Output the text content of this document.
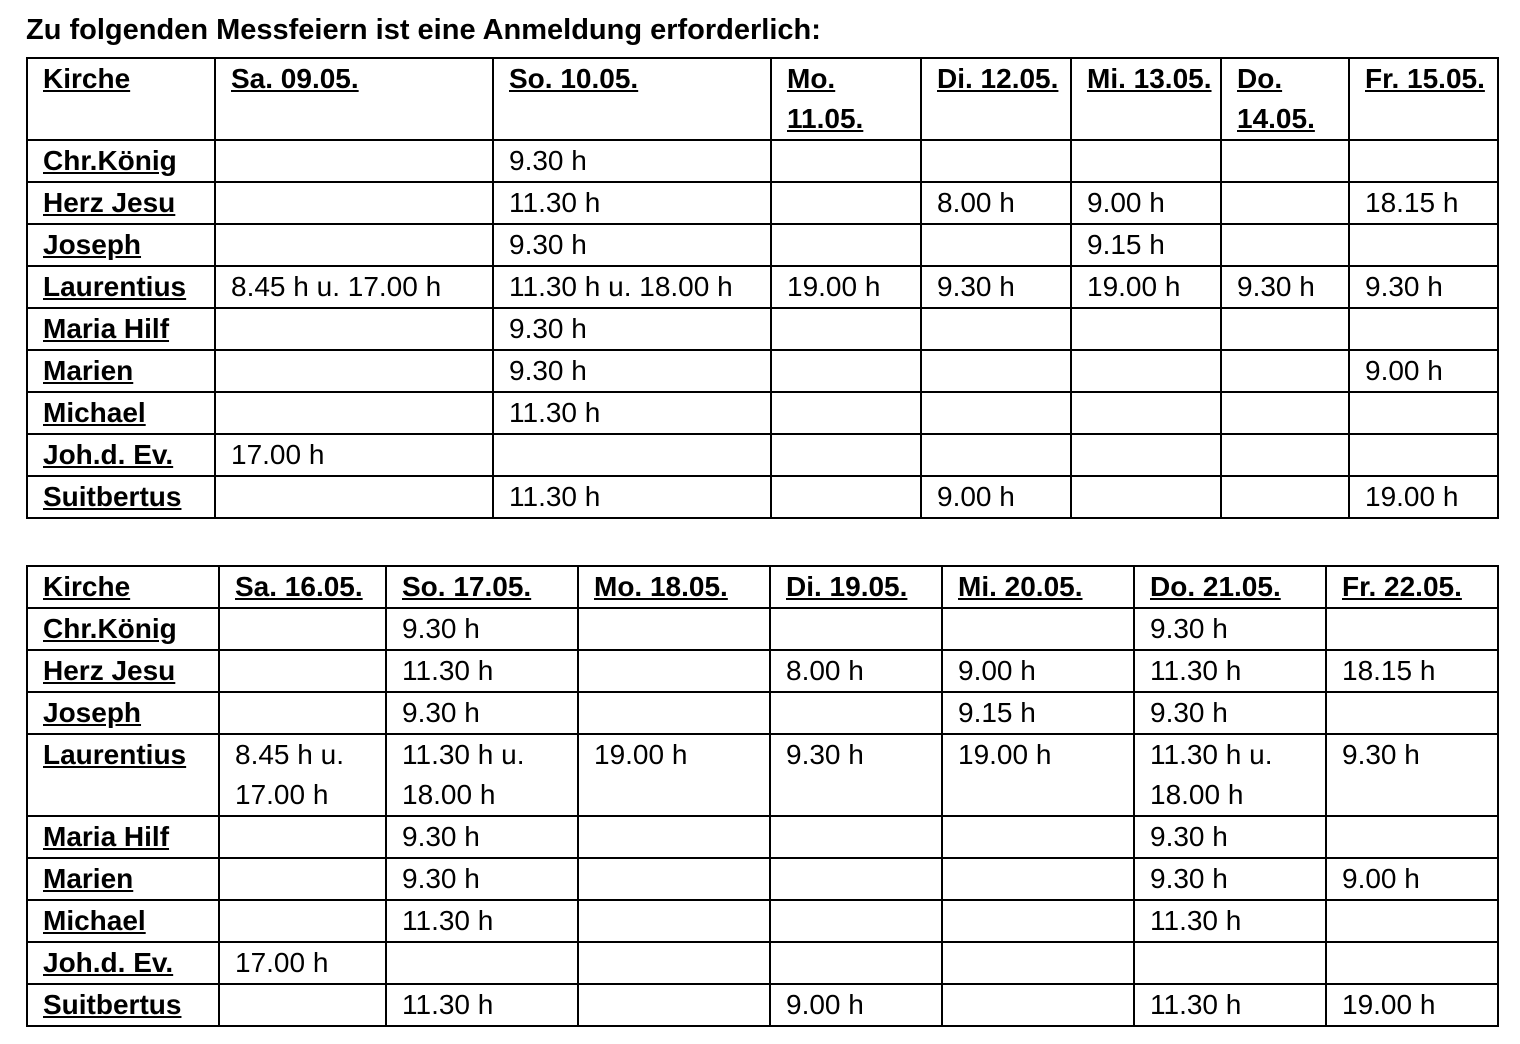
Zu folgenden Messfeiern ist eine Anmeldung erforderlich:
Kirche	Sa. 09.05.	So. 10.05.	Mo. 11.05.	Di. 12.05.	Mi. 13.05.	Do. 14.05.	Fr. 15.05.
Chr.König		9.30 h					
Herz Jesu		11.30 h		8.00 h	9.00 h		18.15 h
Joseph		9.30 h			9.15 h		
Laurentius	8.45 h u. 17.00 h	11.30 h u. 18.00 h	19.00 h	9.30 h	19.00 h	9.30 h	9.30 h
Maria Hilf		9.30 h					
Marien		9.30 h					9.00 h
Michael		11.30 h					
Joh.d. Ev.	17.00 h						
Suitbertus		11.30 h		9.00 h			19.00 h
Kirche	Sa. 16.05.	So. 17.05.	Mo. 18.05.	Di. 19.05.	Mi. 20.05.	Do. 21.05.	Fr. 22.05.
Chr.König		9.30 h				9.30 h	
Herz Jesu		11.30 h		8.00 h	9.00 h	11.30 h	18.15 h
Joseph		9.30 h			9.15 h	9.30 h	
Laurentius	8.45 h u. 17.00 h	11.30 h u. 18.00 h	19.00 h	9.30 h	19.00 h	11.30 h u. 18.00 h	9.30 h
Maria Hilf		9.30 h				9.30 h	
Marien		9.30 h				9.30 h	9.00 h
Michael		11.30 h				11.30 h	
Joh.d. Ev.	17.00 h						
Suitbertus		11.30 h		9.00 h		11.30 h	19.00 h
